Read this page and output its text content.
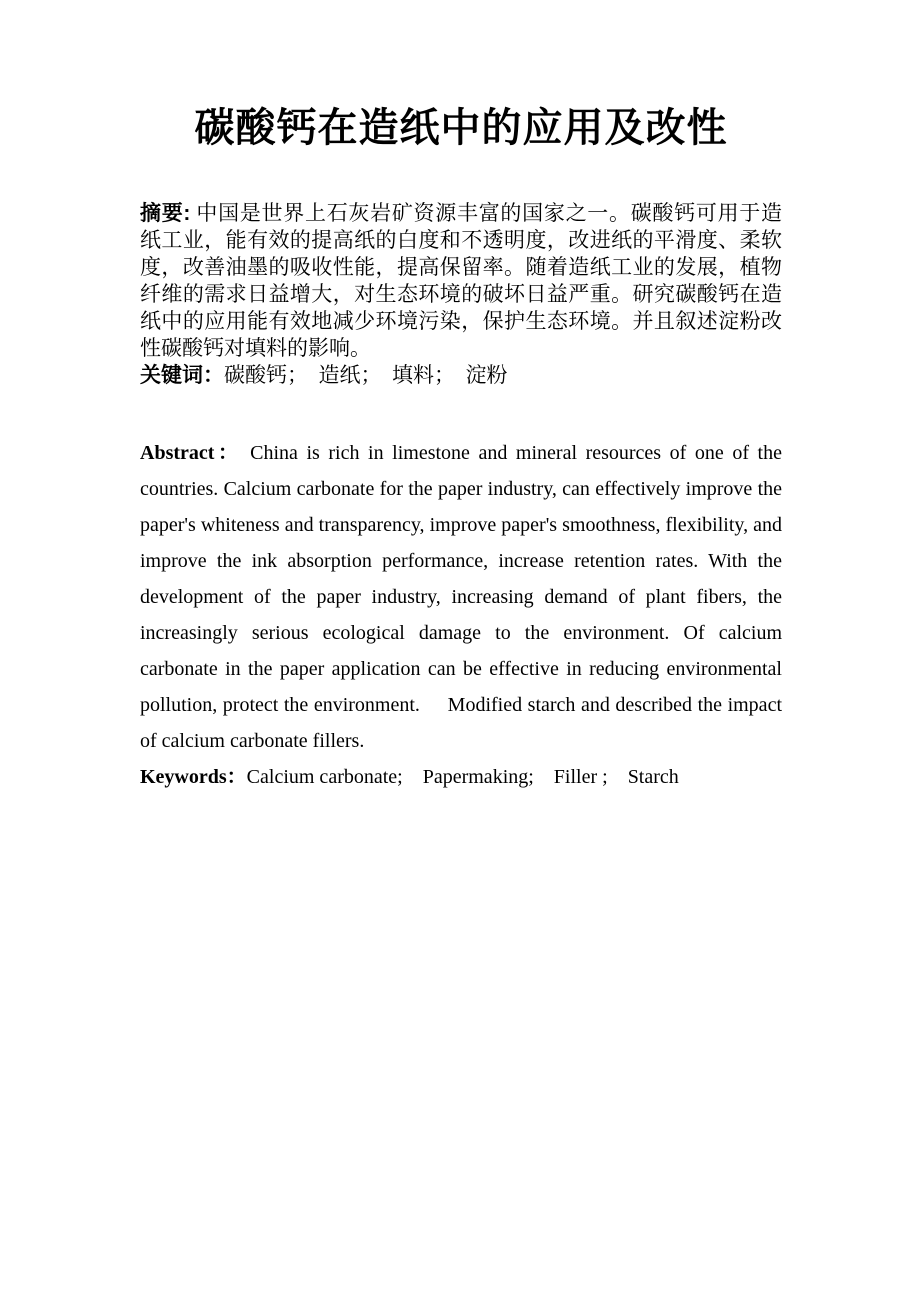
碳酸钙在造纸中的应用及改性

摘要: 中国是世界上石灰岩矿资源丰富的国家之一。碳酸钙可用于造纸工业，能有效的提高纸的白度和不透明度，改进纸的平滑度、柔软度，改善油墨的吸收性能，提高保留率。随着造纸工业的发展，植物纤维的需求日益增大，对生态环境的破坏日益严重。研究碳酸钙在造纸中的应用能有效地减少环境污染，保护生态环境。并且叙述淀粉改性碳酸钙对填料的影响。

关键词：碳酸钙；  造纸；  填料；  淀粉

Abstract： China is rich in limestone and mineral resources of one of the countries. Calcium carbonate for the paper industry, can effectively improve the paper's whiteness and transparency, improve paper's smoothness, flexibility, and improve the ink absorption performance, increase retention rates. With the development of the paper industry, increasing demand of plant fibers, the increasingly serious ecological damage to the environment. Of calcium carbonate in the paper application can be effective in reducing environmental pollution, protect the environment.     Modified starch and described the impact of calcium carbonate fillers.

Keywords：Calcium carbonate;    Papermaking;    Filler ;    Starch
